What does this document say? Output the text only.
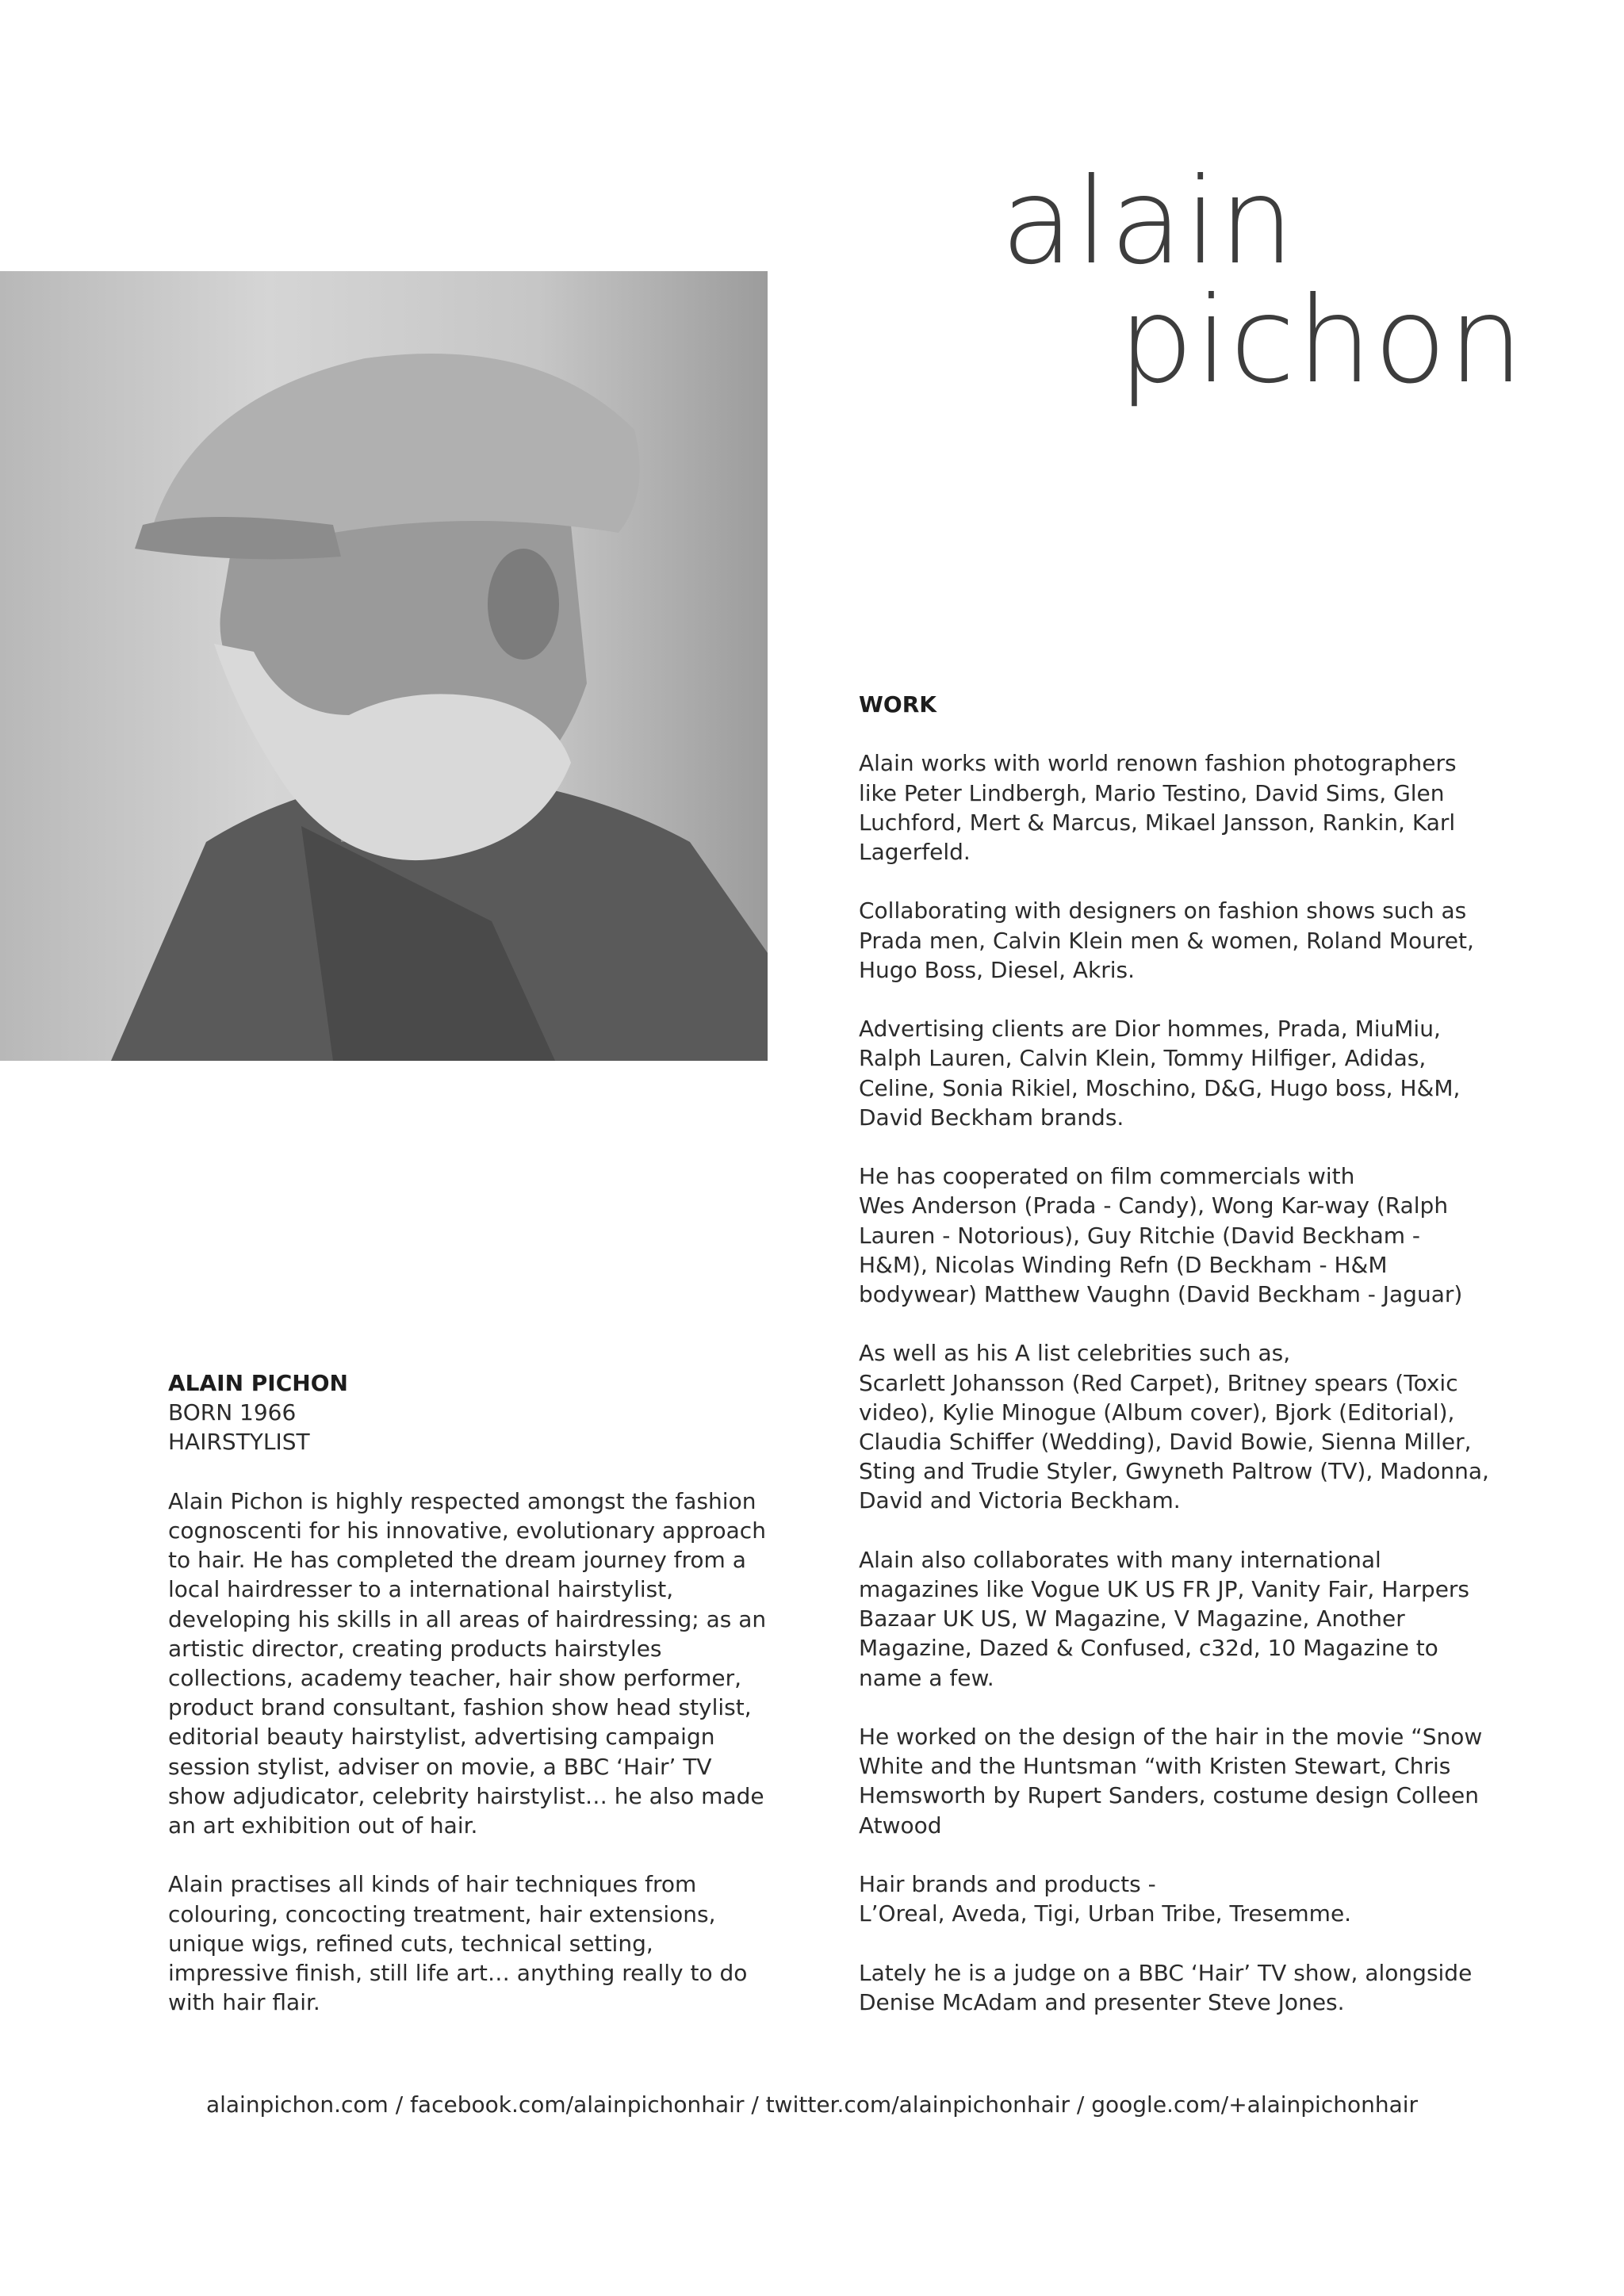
alain
pichon
ALAIN PICHON
BORN 1966
HAIRSTYLIST

Alain Pichon is highly respected amongst the fashion cognoscenti for his innovative, evolutionary approach to hair. He has completed the dream journey from a local hairdresser to a international hairstylist, developing his skills in all areas of hairdressing; as an artistic director, creating products hairstyles collections, academy teacher, hair show performer, product brand consultant, fashion show head stylist, editorial beauty hairstylist, advertising campaign session stylist, adviser on movie, a BBC ‘Hair’ TV show adjudicator, celebrity hairstylist… he also made an art exhibition out of hair.

Alain practises all kinds of hair techniques from colouring, concocting treatment, hair extensions, unique wigs, refined cuts, technical setting, impressive finish, still life art… anything really to do with hair flair.

WORK

Alain works with world renown fashion photographers like Peter Lindbergh, Mario Testino, David Sims, Glen Luchford, Mert & Marcus, Mikael Jansson, Rankin, Karl Lagerfeld.

Collaborating with designers on fashion shows such as Prada men, Calvin Klein men & women, Roland Mouret, Hugo Boss, Diesel, Akris.

Advertising clients are Dior hommes, Prada, MiuMiu, Ralph Lauren, Calvin Klein, Tommy Hilfiger, Adidas, Celine, Sonia Rikiel, Moschino, D&G, Hugo boss, H&M, David Beckham brands.

He has cooperated on film commercials with

Wes Anderson (Prada - Candy), Wong Kar-way (Ralph Lauren - Notorious), Guy Ritchie (David Beckham - H&M), Nicolas Winding Refn (D Beckham - H&M bodywear) Matthew Vaughn (David Beckham - Jaguar)

As well as his A list celebrities such as,

Scarlett Johansson (Red Carpet), Britney spears (Toxic video), Kylie Minogue (Album cover), Bjork (Editorial), Claudia Schiffer (Wedding), David Bowie, Sienna Miller, Sting and Trudie Styler, Gwyneth Paltrow (TV), Madonna, David and Victoria Beckham.

Alain also collaborates with many international magazines like Vogue UK US FR JP, Vanity Fair, Harpers Bazaar UK US, W Magazine, V Magazine, Another Magazine, Dazed & Confused, c32d, 10 Magazine to name a few.

He worked on the design of the hair in the movie “Snow White and the Huntsman “with Kristen Stewart, Chris Hemsworth by Rupert Sanders, costume design Colleen Atwood

Hair brands and products -

L’Oreal, Aveda, Tigi, Urban Tribe, Tresemme.

Lately he is a judge on a BBC ‘Hair’ TV show, alongside Denise McAdam and presenter Steve Jones.

alainpichon.com / facebook.com/alainpichonhair / twitter.com/alainpichonhair / google.com/+alainpichonhair
